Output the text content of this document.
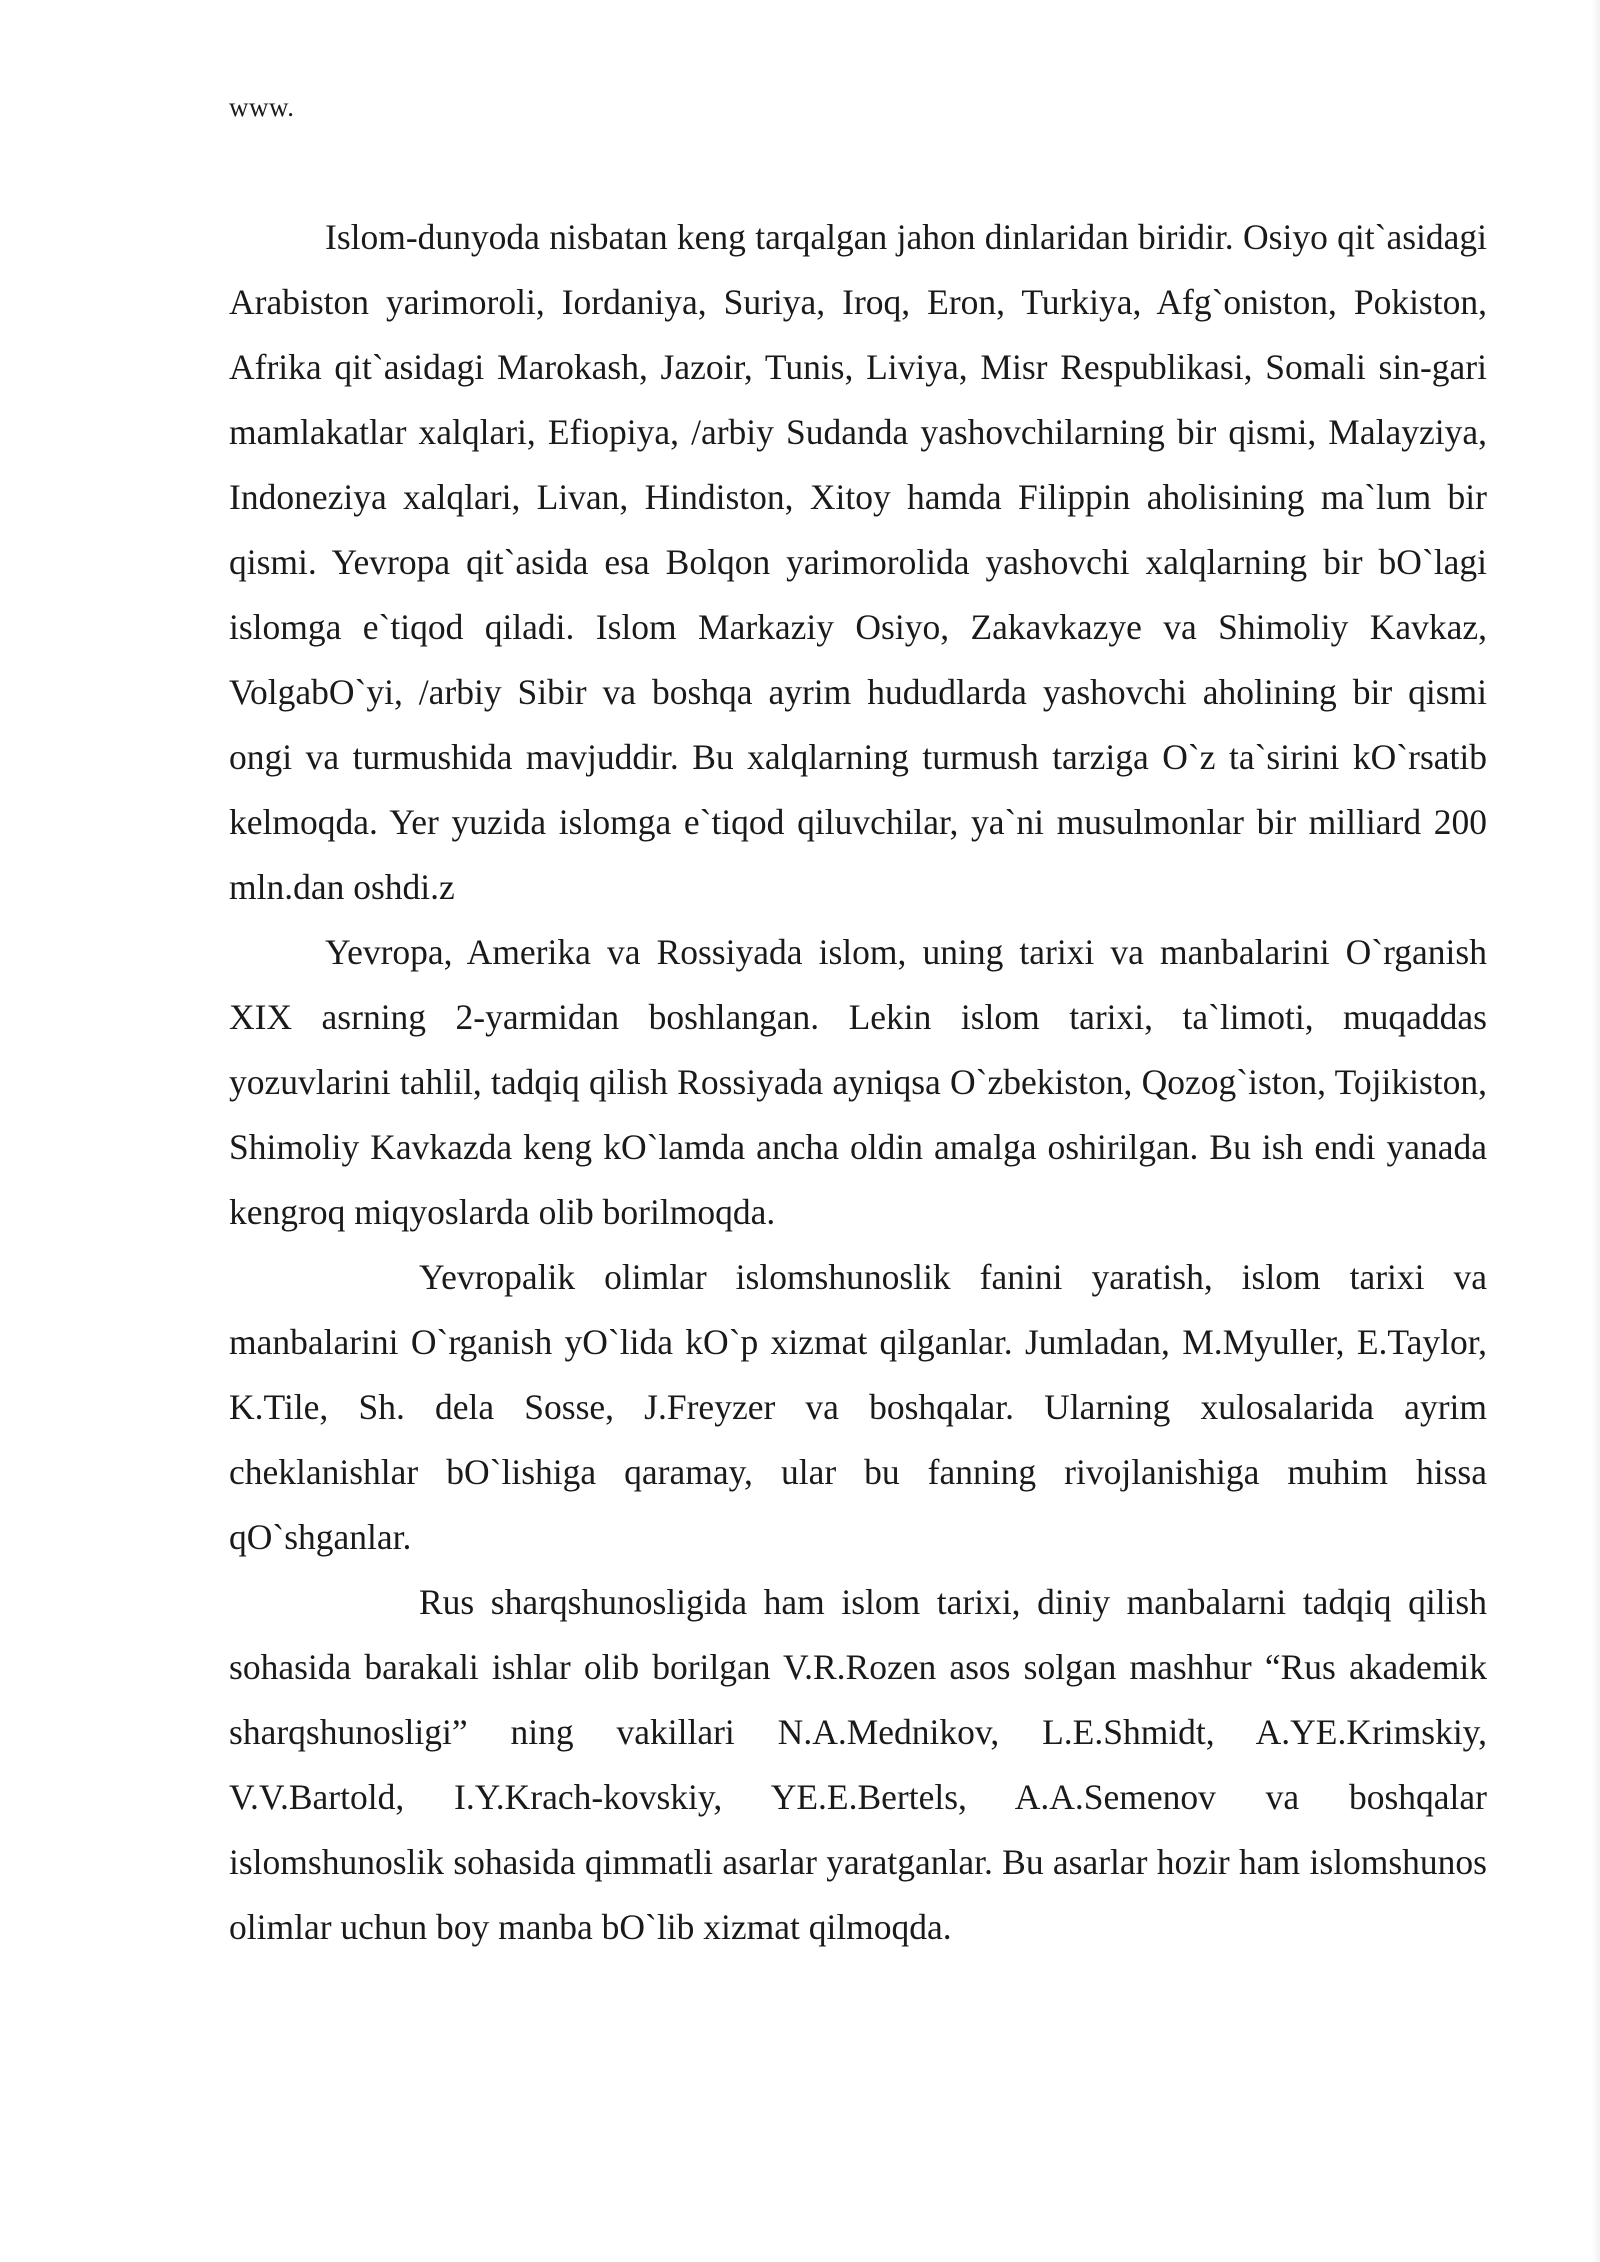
www.

Islom-dunyoda nisbatan keng tarqalgan jahon dinlaridan biridir. Osiyo qit`asidagi Arabiston yarimoroli, Iordaniya, Suriya, Iroq, Eron, Turkiya, Afg`oniston, Pokiston, Afrika qit`asidagi Marokash, Jazoir, Tunis, Liviya, Misr Respublikasi, Somali sin-gari mamlakatlar xalqlari, Efiopiya, /arbiy Sudanda yashovchilarning bir qismi, Malayziya, Indoneziya xalqlari, Livan, Hindiston, Xitoy hamda Filippin aholisining ma`lum bir qismi. Yevropa qit`asida esa Bolqon yarimorolida yashovchi xalqlarning bir bO`lagi islomga e`tiqod qiladi. Islom Markaziy Osiyo, Zakavkazye va Shimoliy Kavkaz, VolgabO`yi, /arbiy Sibir va boshqa ayrim hududlarda yashovchi aholining bir qismi ongi va turmushida mavjuddir. Bu xalqlarning turmush tarziga O`z ta`sirini kO`rsatib kelmoqda. Yer yuzida islomga e`tiqod qiluvchilar, ya`ni musulmonlar bir milliard 200 mln.dan oshdi.z

Yevropa, Amerika va Rossiyada islom, uning tarixi va manbalarini O`rganish XIX asrning 2-yarmidan boshlangan. Lekin islom tarixi, ta`limoti, muqaddas yozuvlarini tahlil, tadqiq qilish Rossiyada ayniqsa O`zbekiston, Qozog`iston, Tojikiston, Shimoliy Kavkazda keng kO`lamda ancha oldin amalga oshirilgan. Bu ish endi yanada kengroq miqyoslarda olib borilmoqda.

Yevropalik olimlar islomshunoslik fanini yaratish, islom tarixi va manbalarini O`rganish yO`lida kO`p xizmat qilganlar. Jumladan, M.Myuller, E.Taylor, K.Tile, Sh. dela Sosse, J.Freyzer va boshqalar. Ularning xulosalarida ayrim cheklanishlar bO`lishiga qaramay, ular bu fanning rivojlanishiga muhim hissa qO`shganlar.

Rus sharqshunosligida ham islom tarixi, diniy manbalarni tadqiq qilish sohasida barakali ishlar olib borilgan V.R.Rozen asos solgan mashhur “Rus akademik sharqshunosligi” ning vakillari N.A.Mednikov, L.E.Shmidt, A.YE.Krimskiy, V.V.Bartold, I.Y.Krach-kovskiy, YE.E.Bertels, A.A.Semenov va boshqalar islomshunoslik sohasida qimmatli asarlar yaratganlar. Bu asarlar hozir ham islomshunos olimlar uchun boy manba bO`lib xizmat qilmoqda.
